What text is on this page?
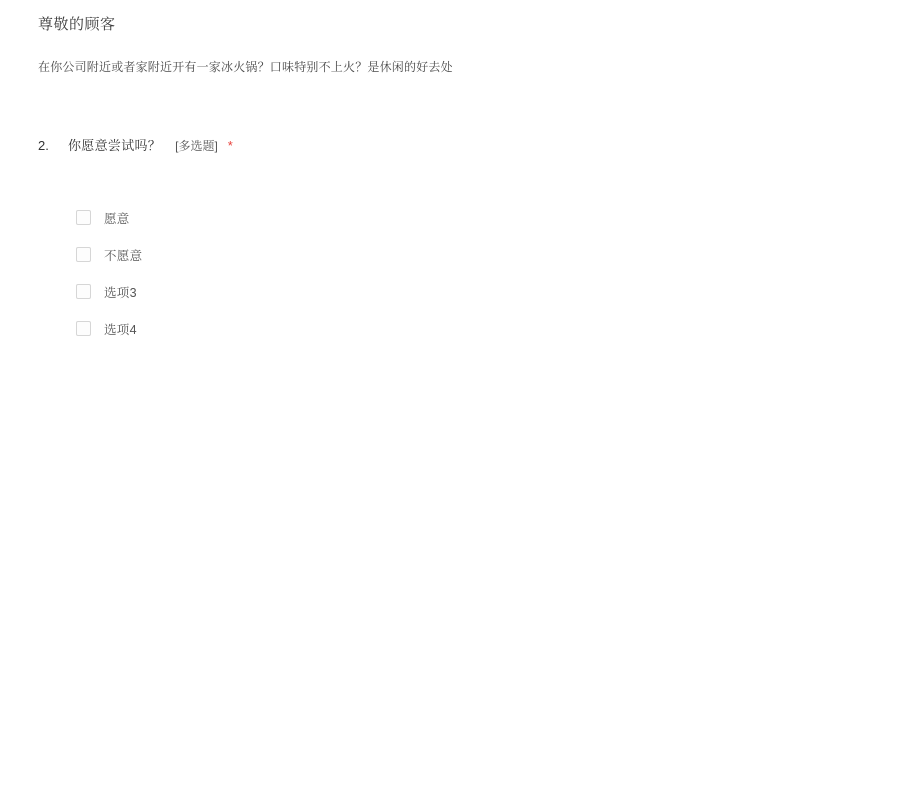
尊敬的顾客
在你公司附近或者家附近开有一家冰火锅？口味特别不上火？是休闲的好去处
2.	你愿意尝试吗？ [多选题] *
愿意
不愿意
选项3
选项4
